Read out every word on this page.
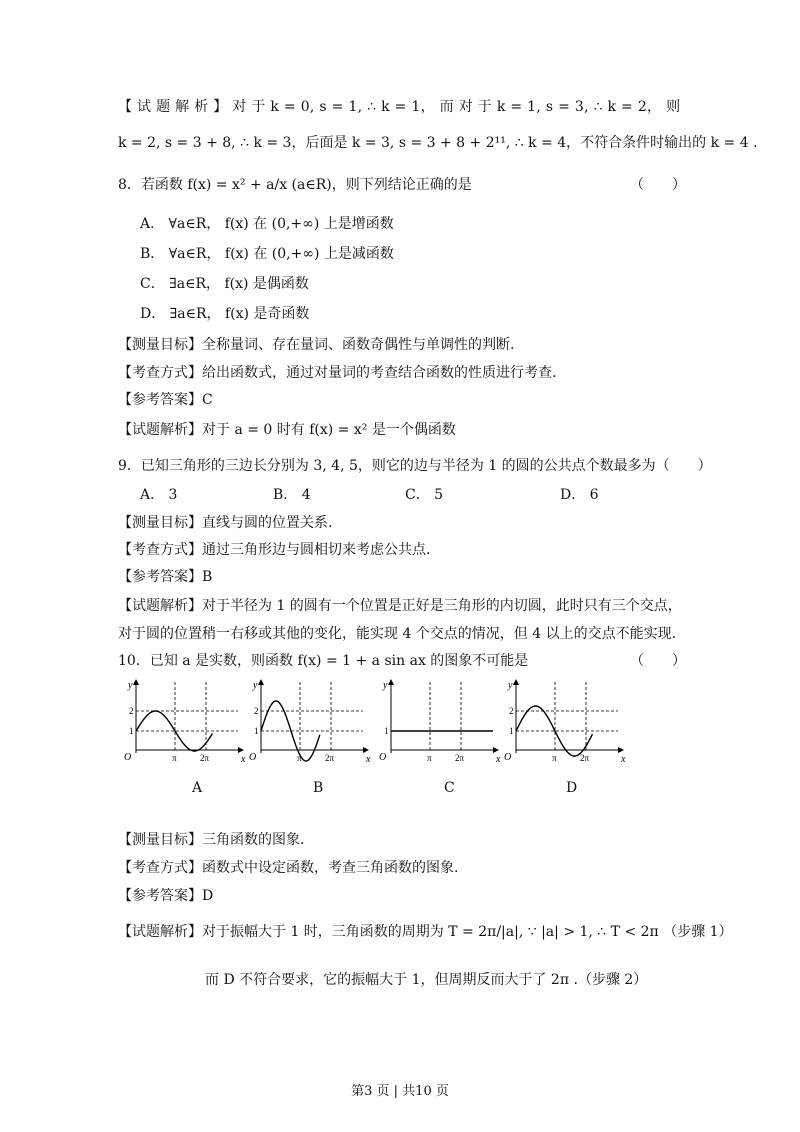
【 试 题 解 析 】 对 于 k = 0, s = 1, ∴ k = 1， 而 对 于 k = 1, s = 3, ∴ k = 2， 则
k = 2, s = 3 + 8, ∴ k = 3，后面是 k = 3, s = 3 + 8 + 2¹¹, ∴ k = 4，不符合条件时输出的 k = 4 .
8．若函数 f(x) = x² + a/x (a∈R)，则下列结论正确的是	（　　）
A． ∀a∈R， f(x) 在 (0,+∞) 上是增函数
B． ∀a∈R， f(x) 在 (0,+∞) 上是减函数
C． ∃a∈R， f(x) 是偶函数
D． ∃a∈R， f(x) 是奇函数
【测量目标】全称量词、存在量词、函数奇偶性与单调性的判断.
【考查方式】给出函数式，通过对量词的考查结合函数的性质进行考查.
【参考答案】C
【试题解析】对于 a = 0 时有 f(x) = x² 是一个偶函数
9．已知三角形的三边长分别为 3, 4, 5，则它的边与半径为 1 的圆的公共点个数最多为（　　）
A． 3	B． 4	C． 5	D． 6
【测量目标】直线与圆的位置关系.
【考查方式】通过三角形边与圆相切来考虑公共点.
【参考答案】B
【试题解析】对于半径为 1 的圆有一个位置是正好是三角形的内切圆，此时只有三个交点，
对于圆的位置稍一右移或其他的变化，能实现 4 个交点的情况，但 4 以上的交点不能实现.
10．已知 a 是实数，则函数 f(x) = 1 + a sin ax 的图象不可能是	（　　）
y
x
O	π	2π
1
2
y
x
O	π	2π
1
2
y
x
O	π	2π
1
y
x
O	π	2π
1
2
A	B	C	D
【测量目标】三角函数的图象.
【考查方式】函数式中设定函数，考查三角函数的图象.
【参考答案】D
【试题解析】对于振幅大于 1 时，三角函数的周期为 T = 2π/|a|, ∵ |a| > 1, ∴ T < 2π （步骤 1）
而 D 不符合要求，它的振幅大于 1，但周期反而大于了 2π .（步骤 2）
第3 页 | 共10 页
